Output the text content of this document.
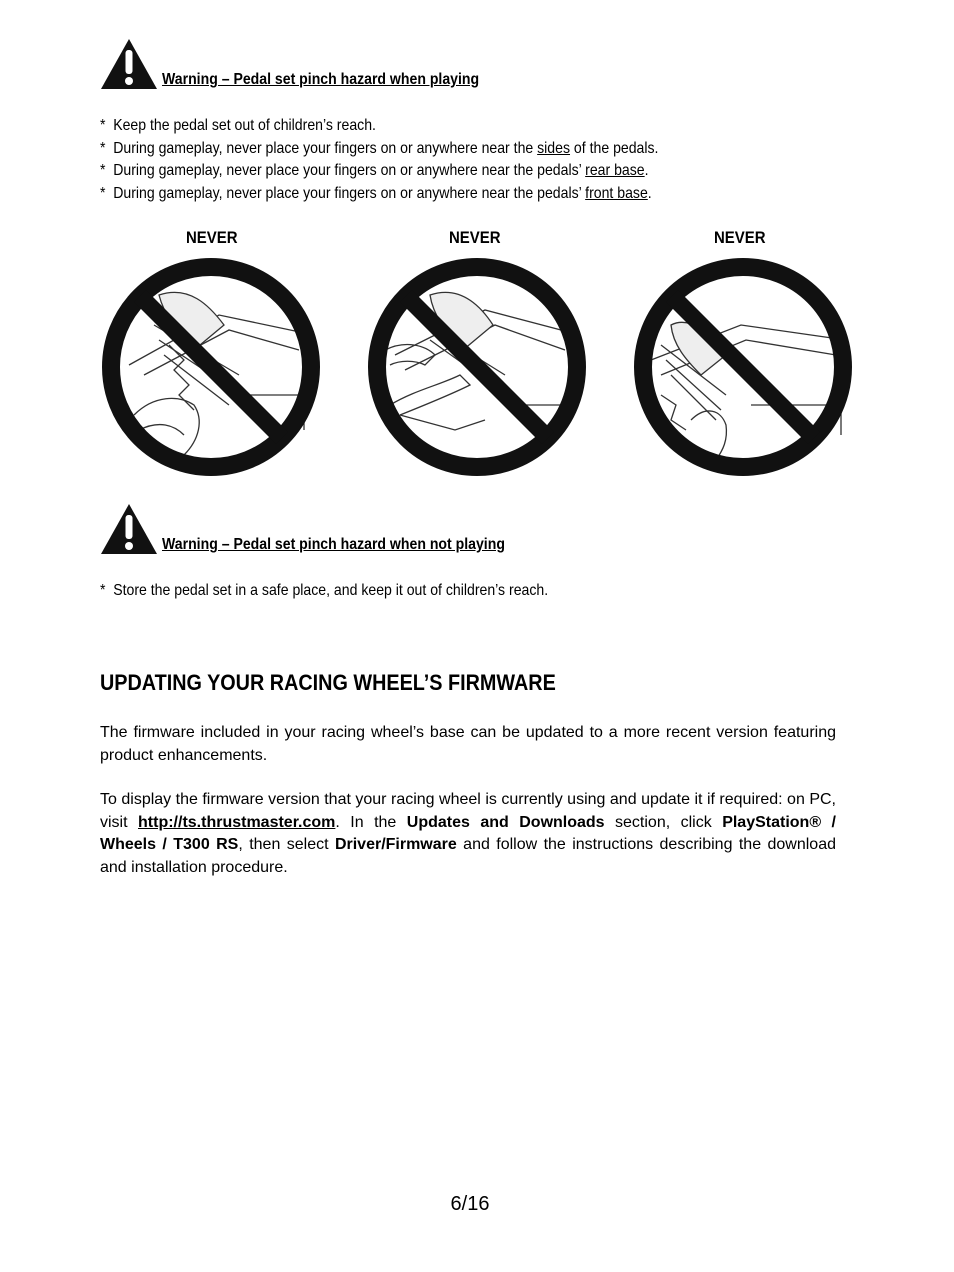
Warning – Pedal set pinch hazard when playing
* Keep the pedal set out of children’s reach.
* During gameplay, never place your fingers on or anywhere near the sides of the pedals.
* During gameplay, never place your fingers on or anywhere near the pedals’ rear base.
* During gameplay, never place your fingers on or anywhere near the pedals’ front base.
NEVER	NEVER	NEVER
Warning – Pedal set pinch hazard when not playing
* Store the pedal set in a safe place, and keep it out of children’s reach.
UPDATING YOUR RACING WHEEL’S FIRMWARE

The firmware included in your racing wheel’s base can be updated to a more recent version featuring product enhancements.

To display the firmware version that your racing wheel is currently using and update it if required: on PC, visit http://ts.thrustmaster.com. In the Updates and Downloads section, click PlayStation® / Wheels / T300 RS, then select Driver/Firmware and follow the instructions describing the download and installation procedure.

6/16
